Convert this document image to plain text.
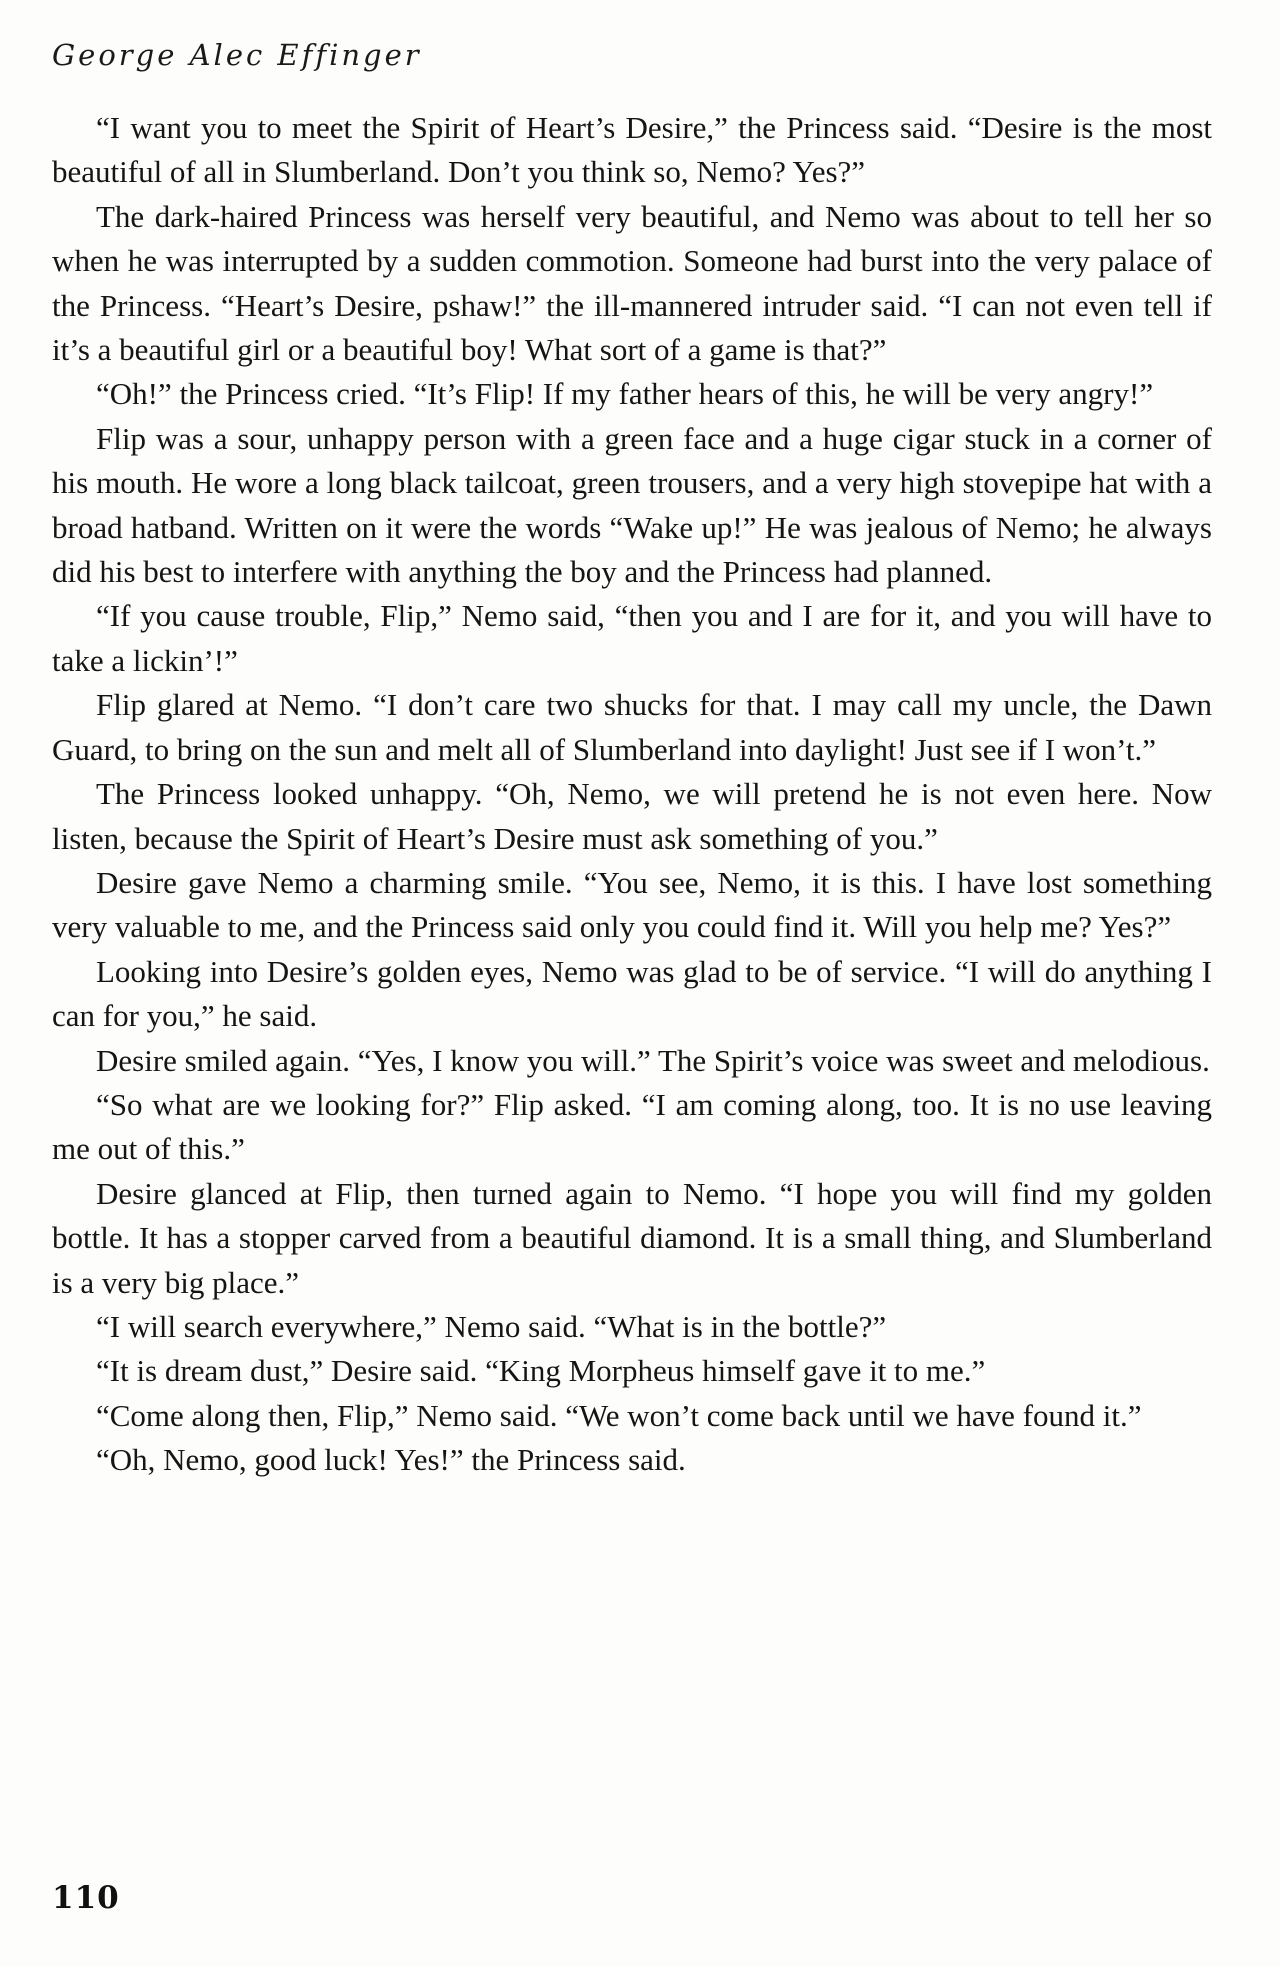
George Alec Effinger

“I want you to meet the Spirit of Heart’s Desire,” the Princess said. “Desire is the most beautiful of all in Slumberland. Don’t you think so, Nemo? Yes?”

The dark-haired Princess was herself very beautiful, and Nemo was about to tell her so when he was interrupted by a sudden commotion. Someone had burst into the very palace of the Princess. “Heart’s Desire, pshaw!” the ill-mannered intruder said. “I can not even tell if it’s a beautiful girl or a beautiful boy! What sort of a game is that?”

“Oh!” the Princess cried. “It’s Flip! If my father hears of this, he will be very angry!”

Flip was a sour, unhappy person with a green face and a huge cigar stuck in a corner of his mouth. He wore a long black tailcoat, green trousers, and a very high stovepipe hat with a broad hatband. Written on it were the words “Wake up!” He was jealous of Nemo; he always did his best to interfere with anything the boy and the Princess had planned.

“If you cause trouble, Flip,” Nemo said, “then you and I are for it, and you will have to take a lickin’!”

Flip glared at Nemo. “I don’t care two shucks for that. I may call my uncle, the Dawn Guard, to bring on the sun and melt all of Slumberland into daylight! Just see if I won’t.”

The Princess looked unhappy. “Oh, Nemo, we will pretend he is not even here. Now listen, because the Spirit of Heart’s Desire must ask something of you.”

Desire gave Nemo a charming smile. “You see, Nemo, it is this. I have lost something very valuable to me, and the Princess said only you could find it. Will you help me? Yes?”

Looking into Desire’s golden eyes, Nemo was glad to be of service. “I will do anything I can for you,” he said.

Desire smiled again. “Yes, I know you will.” The Spirit’s voice was sweet and melodious.

“So what are we looking for?” Flip asked. “I am coming along, too. It is no use leaving me out of this.”

Desire glanced at Flip, then turned again to Nemo. “I hope you will find my golden bottle. It has a stopper carved from a beautiful diamond. It is a small thing, and Slumberland is a very big place.”

“I will search everywhere,” Nemo said. “What is in the bottle?”

“It is dream dust,” Desire said. “King Morpheus himself gave it to me.”

“Come along then, Flip,” Nemo said. “We won’t come back until we have found it.”

“Oh, Nemo, good luck! Yes!” the Princess said.

110
